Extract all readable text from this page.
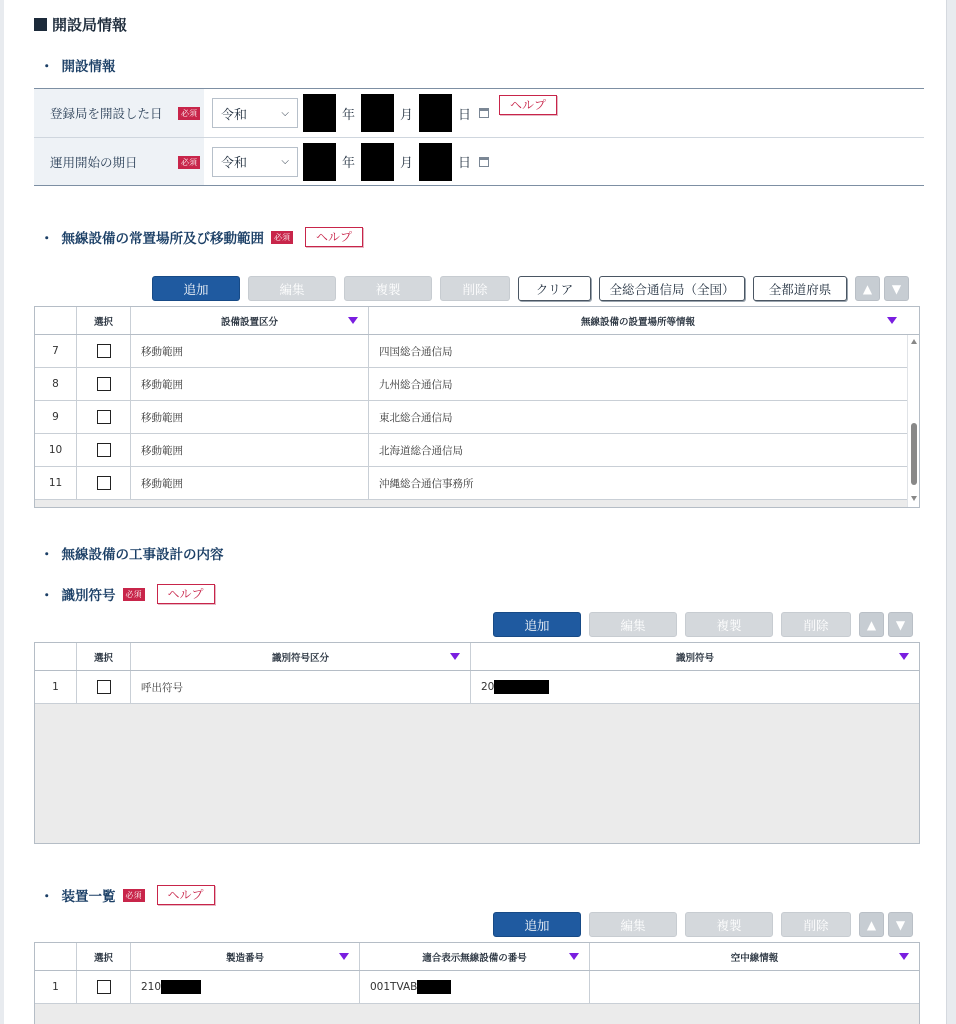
開設局情報
・ 開設情報
登録局を開設した日	必須 令和	⌵	年	月	日
ヘルプ
運用開始の期日	必須 令和	⌵	年	月	日
・ 無線設備の常置場所及び移動範囲	必須	ヘルプ
追加	編集	複製	削除	クリア	全総合通信局（全国）	全都道府県	▲	▼
選択	設備設置区分	無線設備の設置場所等情報
7	移動範囲	四国総合通信局
8	移動範囲	九州総合通信局
9	移動範囲	東北総合通信局
10	移動範囲	北海道総合通信局
11	移動範囲	沖縄総合通信事務所
・ 無線設備の工事設計の内容
・ 識別符号	必須	ヘルプ
追加	編集	複製	削除	▲	▼
選択	識別符号区分	識別符号
1	呼出符号	20
・ 装置一覧	必須	ヘルプ
追加	編集	複製	削除	▲	▼
選択	製造番号	適合表示無線設備の番号	空中線情報
1	210	001TVAB
